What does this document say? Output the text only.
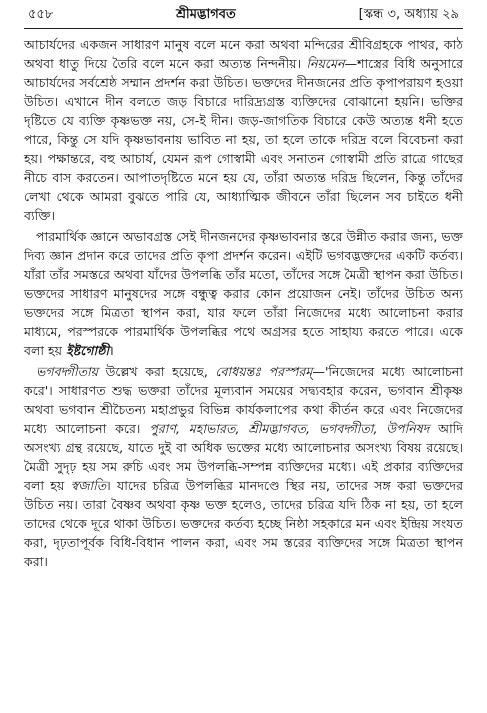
৫৫৮	শ্রীমদ্ভাগবত	[স্কন্ধ ৩, অধ্যায় ২৯

আচার্যদের একজন সাধারণ মানুষ বলে মনে করা অথবা মন্দিরের শ্রীবিগ্রহকে পাথর, কাঠ অথবা ধাতু দিয়ে তৈরি বলে মনে করা অত্যন্ত নিন্দনীয়। নিয়মেন—শাস্ত্রের বিধি অনুসারে আচার্যদের সর্বশ্রেষ্ঠ সম্মান প্রদর্শন করা উচিত। ভক্তদের দীনজনের প্রতি কৃপাপরায়ণ হওয়া উচিত। এখানে দীন বলতে জড় বিচারে দারিদ্র্যগ্রস্ত ব্যক্তিদের বোঝানো হয়নি। ভক্তির দৃষ্টিতে যে ব্যক্তি কৃষ্ণভক্ত নয়, সে-ই দীন। জড়-জাগতিক বিচারে কেউ অত্যন্ত ধনী হতে পারে, কিন্তু সে যদি কৃষ্ণভাবনায় ভাবিত না হয়, তা হলে তাকে দরিদ্র বলে বিবেচনা করা হয়। পক্ষান্তরে, বহু আচার্য, যেমন রূপ গোস্বামী এবং সনাতন গোস্বামী প্রতি রাত্রে গাছের নীচে বাস করতেন। আপাতদৃষ্টিতে মনে হয় যে, তাঁরা অত্যন্ত দরিদ্র ছিলেন, কিন্তু তাঁদের লেখা থেকে আমরা বুঝতে পারি যে, আধ্যাত্মিক জীবনে তাঁরা ছিলেন সব চাইতে ধনী ব্যক্তি।

পারমার্থিক জ্ঞানে অভাবগ্রস্ত সেই দীনজনদের কৃষ্ণভাবনার স্তরে উন্নীত করার জন্য, ভক্ত দিব্য জ্ঞান প্রদান করে তাদের প্রতি কৃপা প্রদর্শন করেন। এইটি ভগবদ্ভক্তদের একটি কর্তব্য। যাঁরা তাঁর সমস্তরে অথবা যাঁদের উপলব্ধি তাঁর মতো, তাঁদের সঙ্গে মৈত্রী স্থাপন করা উচিত। ভক্তদের সাধারণ মানুষদের সঙ্গে বন্ধুত্ব করার কোন প্রয়োজন নেই। তাঁদের উচিত অন্য ভক্তদের সঙ্গে মিত্রতা স্থাপন করা, যার ফলে তাঁরা নিজেদের মধ্যে আলোচনা করার মাধ্যমে, পরস্পরকে পারমার্থিক উপলব্ধির পথে অগ্রসর হতে সাহায্য করতে পারে। একে বলা হয় ইষ্টগোষ্ঠী।

ভগবদ্গীতায় উল্লেখ করা হয়েছে, বোধয়ন্তঃ পরস্পরম্—'নিজেদের মধ্যে আলোচনা করে'। সাধারণত শুদ্ধ ভক্তরা তাঁদের মূল্যবান সময়ের সদ্ব্যবহার করেন, ভগবান শ্রীকৃষ্ণ অথবা ভগবান শ্রীচৈতন্য মহাপ্রভুর বিভিন্ন কার্যকলাপের কথা কীর্তন করে এবং নিজেদের মধ্যে আলোচনা করে। পুরাণ, মহাভারত, শ্রীমদ্ভাগবত, ভগবদ্গীতা, উপনিষদ আদি অসংখ্য গ্রন্থ রয়েছে, যাতে দুই বা অধিক ভক্তের মধ্যে আলোচনার অসংখ্য বিষয় রয়েছে। মৈত্রী সুদৃঢ় হয় সম রুচি এবং সম উপলব্ধি-সম্পন্ন ব্যক্তিদের মধ্যে। এই প্রকার ব্যক্তিদের বলা হয় স্বজাতি। যাদের চরিত্র উপলব্ধির মানদণ্ডে স্থির নয়, তাদের সঙ্গ করা ভক্তদের উচিত নয়। তারা বৈষ্ণব অথবা কৃষ্ণ ভক্ত হলেও, তাদের চরিত্র যদি ঠিক না হয়, তা হলে তাদের থেকে দূরে থাকা উচিত। ভক্তদের কর্তব্য হচ্ছে নিষ্ঠা সহকারে মন এবং ইন্দ্রিয় সংযত করা, দৃঢ়তাপূর্বক বিধি-বিধান পালন করা, এবং সম স্তরের ব্যক্তিদের সঙ্গে মিত্রতা স্থাপন করা।
